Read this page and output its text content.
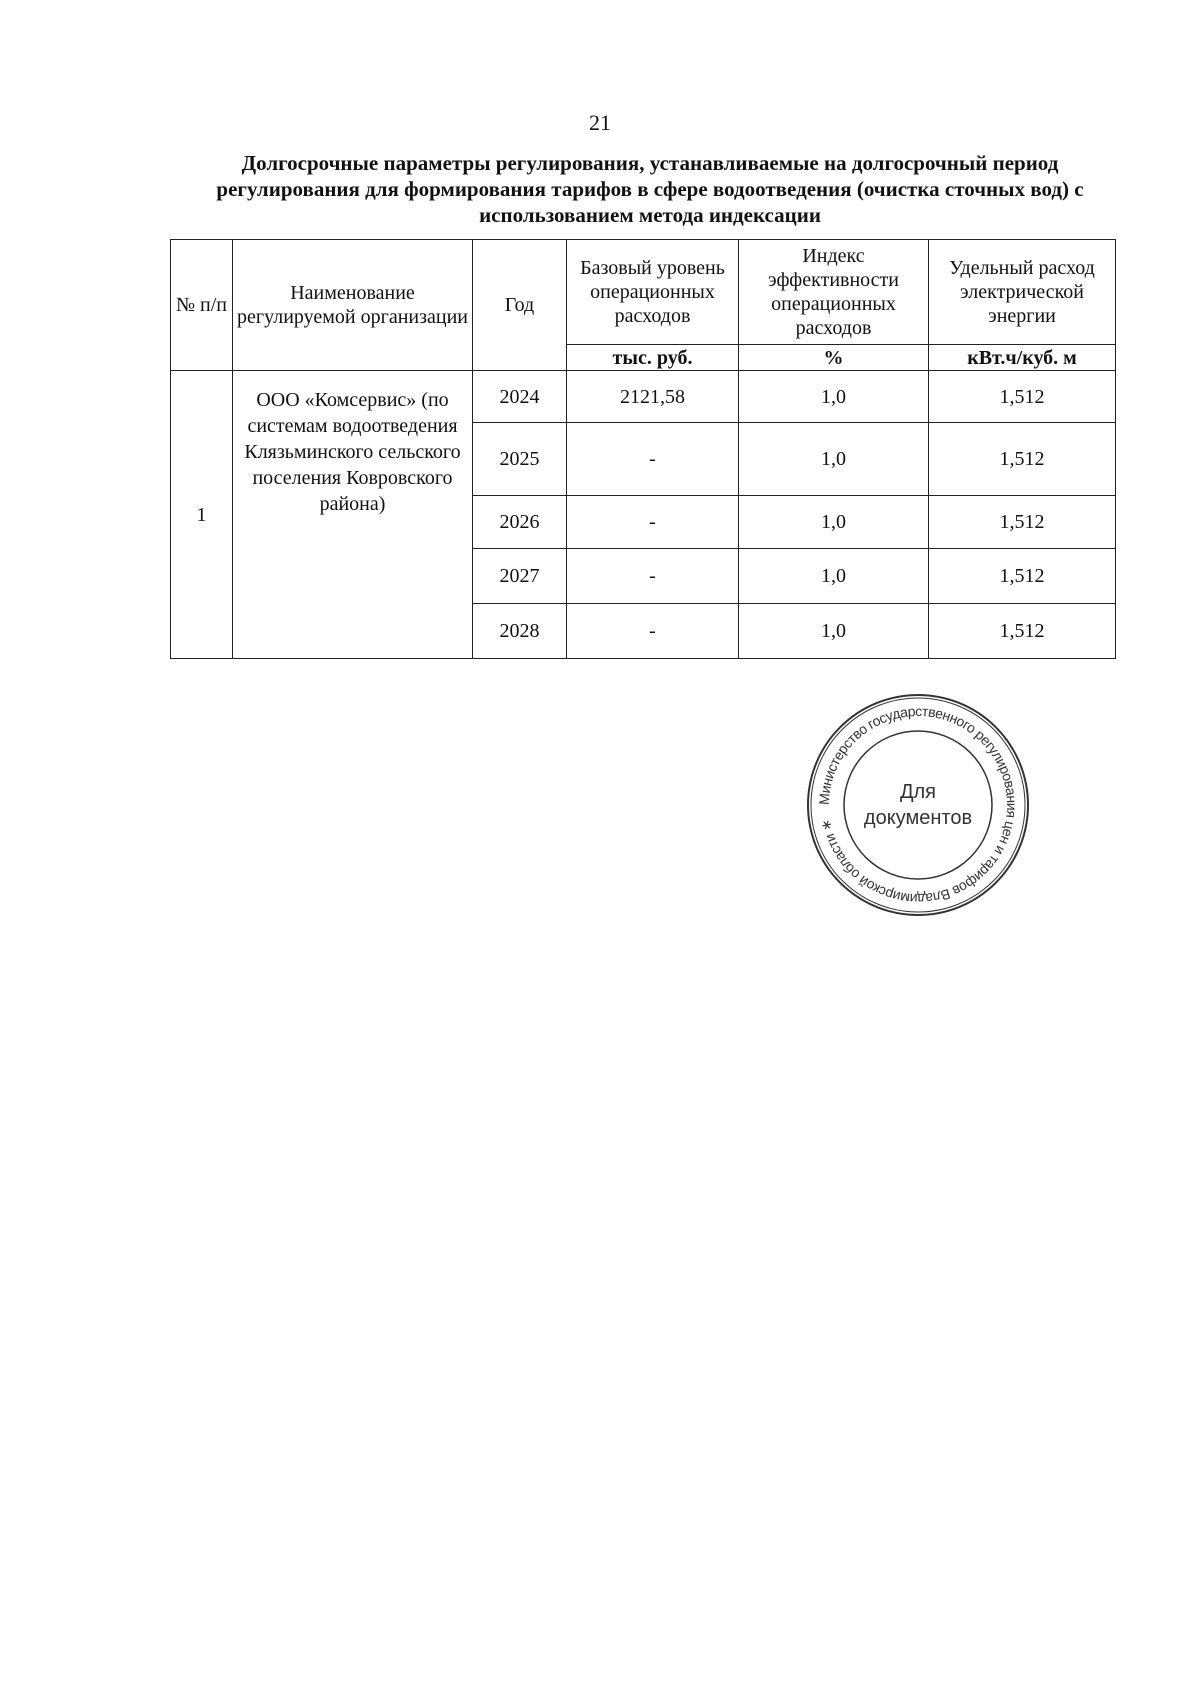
21
Долгосрочные параметры регулирования, устанавливаемые на долгосрочный период регулирования для формирования тарифов в сфере водоотведения (очистка сточных вод) с использованием метода индексации
№ п/п	Наименование регулируемой организации	Год	Базовый уровень операционных расходов	Индекс эффективности операционных расходов	Удельный расход электрической энергии
			тыс. руб.	%	кВт.ч/куб. м
1	ООО «Комсервис» (по системам водоотведения Клязьминского сельского поселения Ковровского района)	2024	2121,58	1,0	1,512
		2025	-	1,0	1,512
		2026	-	1,0	1,512
		2027	-	1,0	1,512
		2028	-	1,0	1,512
Министерство государственного регулирования цен и тарифов Владимирской области ∗
Для
документов
